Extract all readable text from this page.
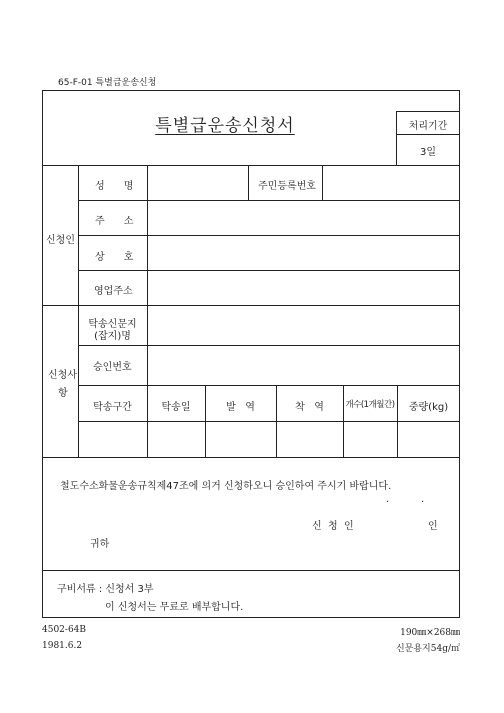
65-F-01 특별급운송신청
특별급운송신청서	처리기간
3일
신청인
성      명	주민등록번호
주      소
상      호
영업주소
신청사
항
탁송신문지
(잡지)명
승인번호
탁송구간	탁송일	발   역	착   역	개수(1개월간)	중량(kg)
철도수소화물운송규칙제47조에 의거 신청하오니 승인하여 주시기 바랍니다.
.          .
신  청  인	인
귀하
구비서류 : 신청서 3부
이 신청서는 무료로 배부합니다.
4502-64B
1981.6.2
190㎜×268㎜
신문용지54g/㎡
